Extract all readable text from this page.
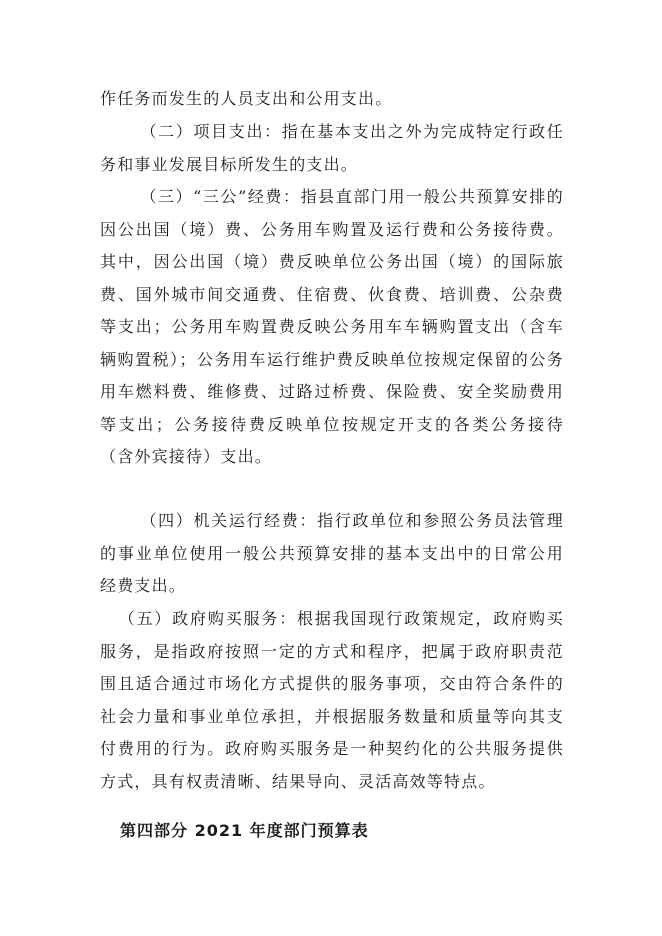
作任务而发生的人员支出和公用支出。

（二）项目支出：指在基本支出之外为完成特定行政任务和事业发展目标所发生的支出。

（三）“三公”经费：指县直部门用一般公共预算安排的因公出国（境）费、公务用车购置及运行费和公务接待费。其中，因公出国（境）费反映单位公务出国（境）的国际旅费、国外城市间交通费、住宿费、伙食费、培训费、公杂费等支出；公务用车购置费反映公务用车车辆购置支出（含车辆购置税）；公务用车运行维护费反映单位按规定保留的公务用车燃料费、维修费、过路过桥费、保险费、安全奖励费用等支出；公务接待费反映单位按规定开支的各类公务接待（含外宾接待）支出。

（四）机关运行经费：指行政单位和参照公务员法管理的事业单位使用一般公共预算安排的基本支出中的日常公用经费支出。

（五）政府购买服务：根据我国现行政策规定，政府购买服务，是指政府按照一定的方式和程序，把属于政府职责范围且适合通过市场化方式提供的服务事项，交由符合条件的社会力量和事业单位承担，并根据服务数量和质量等向其支付费用的行为。政府购买服务是一种契约化的公共服务提供方式，具有权责清晰、结果导向、灵活高效等特点。

第四部分 2021 年度部门预算表
